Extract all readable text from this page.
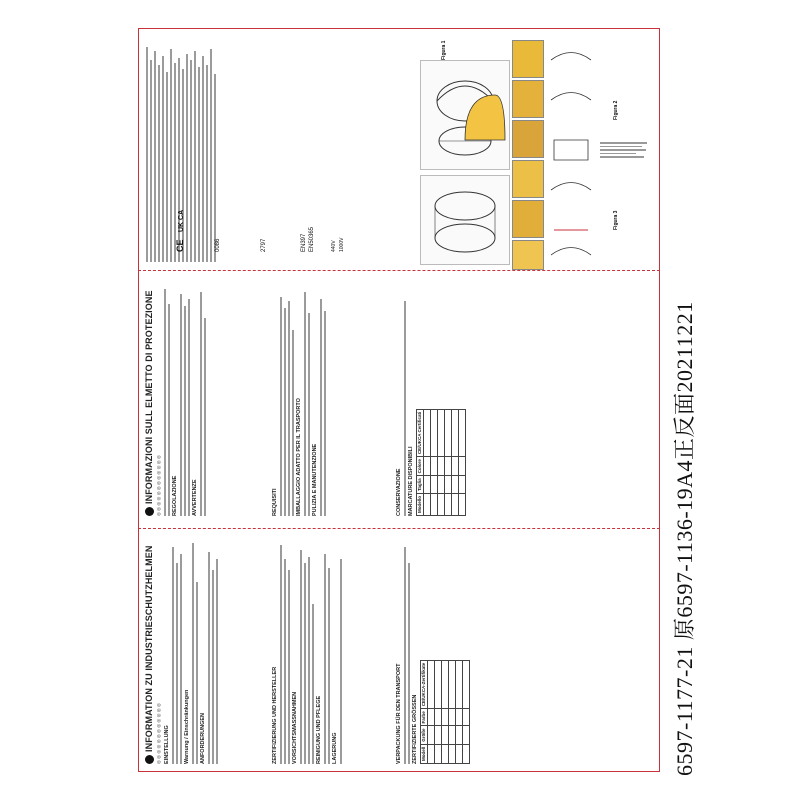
6597-1177-21 原6597-1136-19A4正反面20211221
INFORMATION ZU INDUSTRIESCHUTZHELMEN ◎ ◎ ◎ ◎ ◎ ◎ ◎ ◎ ◎ ◎ ◎ ◎ EINSTELLUNG	Warnung / Einschränkungen ANFORDERUNGEN	ZERTIFIZIERUNG UND HERSTELLER	VORSICHTSMASSNAHMEN	REINIGUNG UND PFLEGE LAGERUNG	VERPACKUNG FÜR DEN TRANSPORT ZERTIFIZIERTE GRÖSSEN Modell	Größe	Farbe	CE/UKCA-Zertifikate

INFORMAZIONI SULL ELMETTO DI PROTEZIONE ◎ ◎ ◎ ◎ ◎ ◎ ◎ ◎ ◎ ◎ ◎ ◎ REGOLAZIONE	AVVERTENZE	REQUISITI	IMBALLAGGIO ADATTO PER IL TRASPORTO PULIZIA E MANUTENZIONE	CONSERVAZIONE MARCATURE DISPONIBILI Modello	Taglia	Colore	CE/UKCA Certificati

CE
UK CA
0086	2797	EN397 EN50365	440V 1000V
Figura 1
Figura 2
Figura 3
